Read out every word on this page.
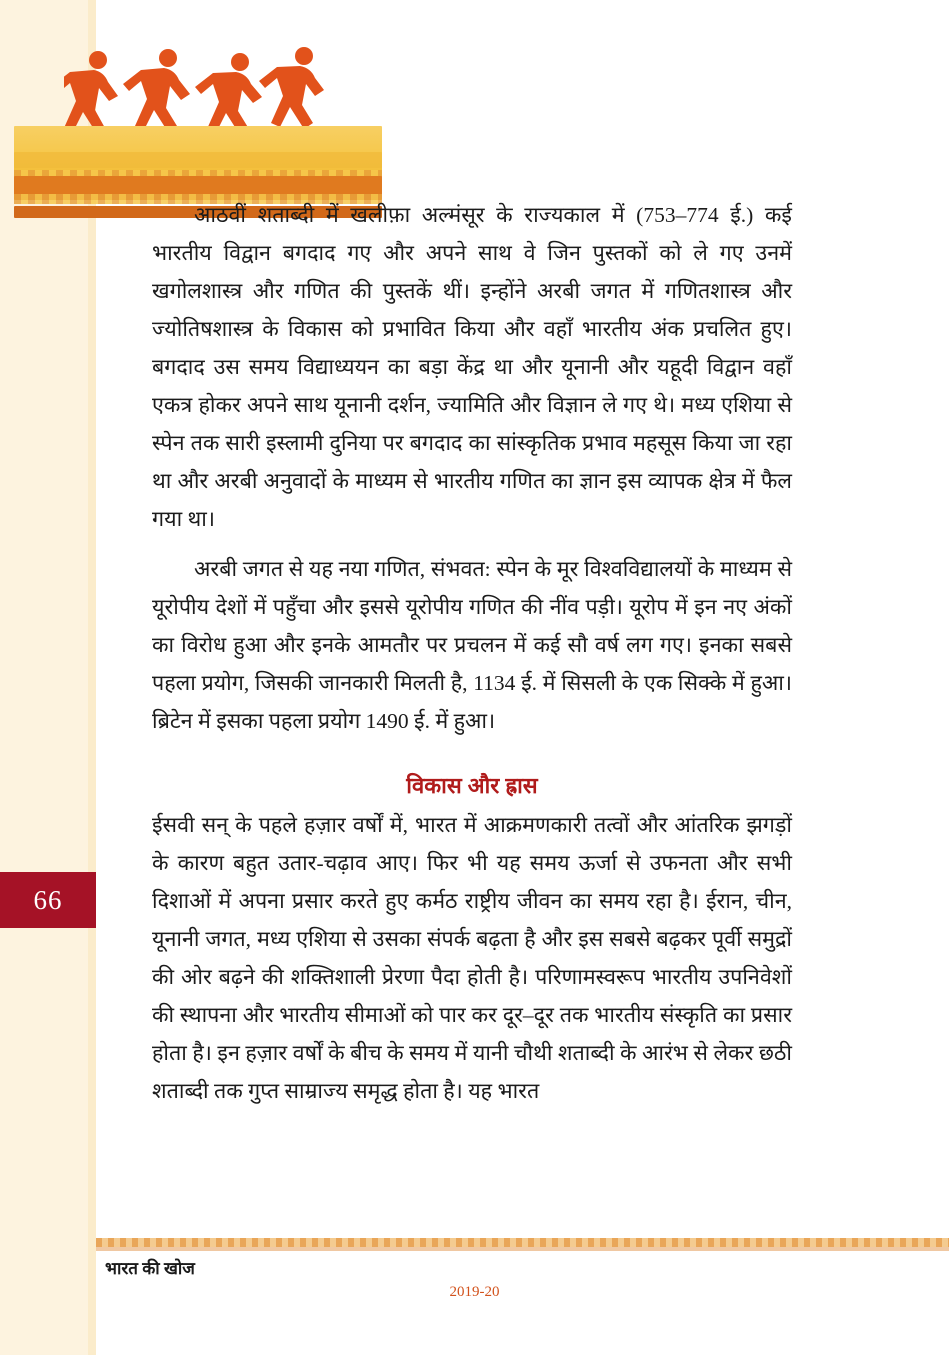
66

आठवीं शताब्दी में खलीफ़ा अल्मंसूर के राज्यकाल में (753–774 ई.) कई भारतीय विद्वान बगदाद गए और अपने साथ वे जिन पुस्तकों को ले गए उनमें खगोलशास्त्र और गणित की पुस्तकें थीं। इन्होंने अरबी जगत में गणितशास्त्र और ज्योतिषशास्त्र के विकास को प्रभावित किया और वहाँ भारतीय अंक प्रचलित हुए। बगदाद उस समय विद्याध्ययन का बड़ा केंद्र था और यूनानी और यहूदी विद्वान वहाँ एकत्र होकर अपने साथ यूनानी दर्शन, ज्यामिति और विज्ञान ले गए थे। मध्य एशिया से स्पेन तक सारी इस्लामी दुनिया पर बगदाद का सांस्कृतिक प्रभाव महसूस किया जा रहा था और अरबी अनुवादों के माध्यम से भारतीय गणित का ज्ञान इस व्यापक क्षेत्र में फैल गया था।

अरबी जगत से यह नया गणित, संभवत: स्पेन के मूर विश्वविद्यालयों के माध्यम से यूरोपीय देशों में पहुँचा और इससे यूरोपीय गणित की नींव पड़ी। यूरोप में इन नए अंकों का विरोध हुआ और इनके आमतौर पर प्रचलन में कई सौ वर्ष लग गए। इनका सबसे पहला प्रयोग, जिसकी जानकारी मिलती है, 1134 ई. में सिसली के एक सिक्के में हुआ। ब्रिटेन में इसका पहला प्रयोग 1490 ई. में हुआ।

विकास और ह्रास

ईसवी सन् के पहले हज़ार वर्षों में, भारत में आक्रमणकारी तत्वों और आंतरिक झगड़ों के कारण बहुत उतार-चढ़ाव आए। फिर भी यह समय ऊर्जा से उफनता और सभी दिशाओं में अपना प्रसार करते हुए कर्मठ राष्ट्रीय जीवन का समय रहा है। ईरान, चीन, यूनानी जगत, मध्य एशिया से उसका संपर्क बढ़ता है और इस सबसे बढ़कर पूर्वी समुद्रों की ओर बढ़ने की शक्तिशाली प्रेरणा पैदा होती है। परिणामस्वरूप भारतीय उपनिवेशों की स्थापना और भारतीय सीमाओं को पार कर दूर–दूर तक भारतीय संस्कृति का प्रसार होता है। इन हज़ार वर्षों के बीच के समय में यानी चौथी शताब्दी के आरंभ से लेकर छठी शताब्दी तक गुप्त साम्राज्य समृद्ध होता है। यह भारत

भारत की खोज
2019-20
